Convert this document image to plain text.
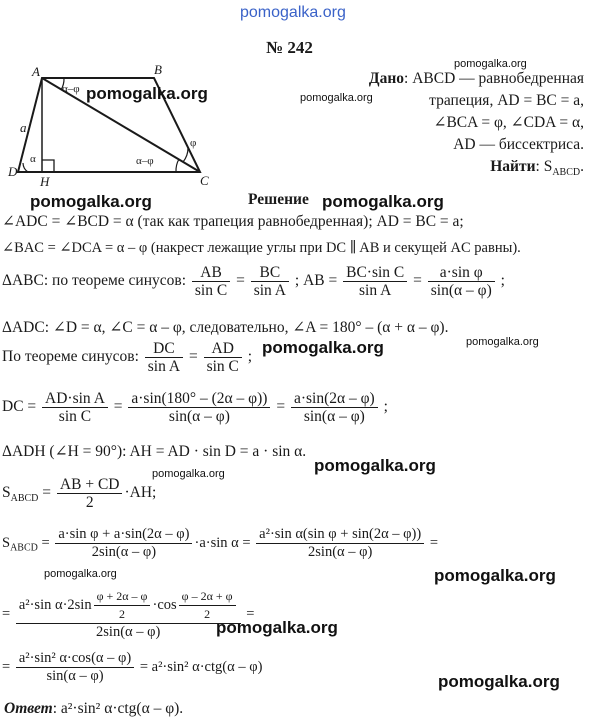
pomogalka.org
№ 242
A	B
C
D
H
a
α–φ
α–φ
φ
α
pomogalka.org	pomogalka.org
pomogalka.org
Дано: ABCD — равнобедренная
трапеция, AD = BC = a,
∠BCA = φ, ∠CDA = α,
AD — биссектриса.
Найти: $S_{ABCD}$.
pomogalka.org	Решение pomogalka.org
∠ADC = ∠BCD = α (так как трапеция равнобедренная); AD = BC = a;
∠BAC = ∠DCA = α – φ (накрест лежащие углы при DC ∥ AB и секущей AC равны).
ΔABC: по теореме синусов: $\frac{AB}{\text{sin C}} = \frac{BC}{\text{sin A}}$ ; AB = $\frac{\text{BC·sin C}}{\text{sin A}} = \frac{\text{a·sin φ}}{\sin(\alpha - \varphi)}$ ;
ΔADC: ∠D = α, ∠C = α – φ, следовательно, ∠A = 180° – (α + α – φ).
По теореме синусов: $\frac{DC}{\text{sin A}} = \frac{AD}{\text{sin C}}$ ; pomogalka.org	pomogalka.org
DC = $\frac{\text{AD·sin A}}{\text{sin C}} = \frac{a\cdot\sin(180^\circ - (2\alpha - \varphi))}{\sin(\alpha - \varphi)} = \frac{a\cdot\sin(2\alpha - \varphi)}{\sin(\alpha - \varphi)}$ ;
ΔADH (∠H = 90°): AH = AD · sin D = a · sin α.
pomogalka.org
pomogalka.org
$S_{ABCD} = \frac{AB + CD}{2} \cdot AH$;
$S_{ABCD} = \frac{\text{a·sin φ + a·sin(2α – φ)}}{2\sin(\alpha - \varphi)} \cdot a\cdot\sin$ $\alpha = \frac{\text{a²·sin α(sin φ + sin(2α – φ))}}{2\sin(\alpha - \varphi)}$ =
pomogalka.org	pomogalka.org
= $\frac{a^2\cdot\sin \alpha\cdot 2\sin \frac{\varphi + 2\alpha - \varphi}{2} \cdot\cos \frac{\varphi - 2\alpha + \varphi}{2}}{2\sin(\alpha - \varphi)}$ =
pomogalka.org
= $\frac{\text{a²·sin² α·cos(α – φ)}}{\sin(\alpha - \varphi)} = a^2\cdot\sin^2$ α·ctg(α – φ)
pomogalka.org
Ответ: a²·sin² α·ctg(α – φ).
